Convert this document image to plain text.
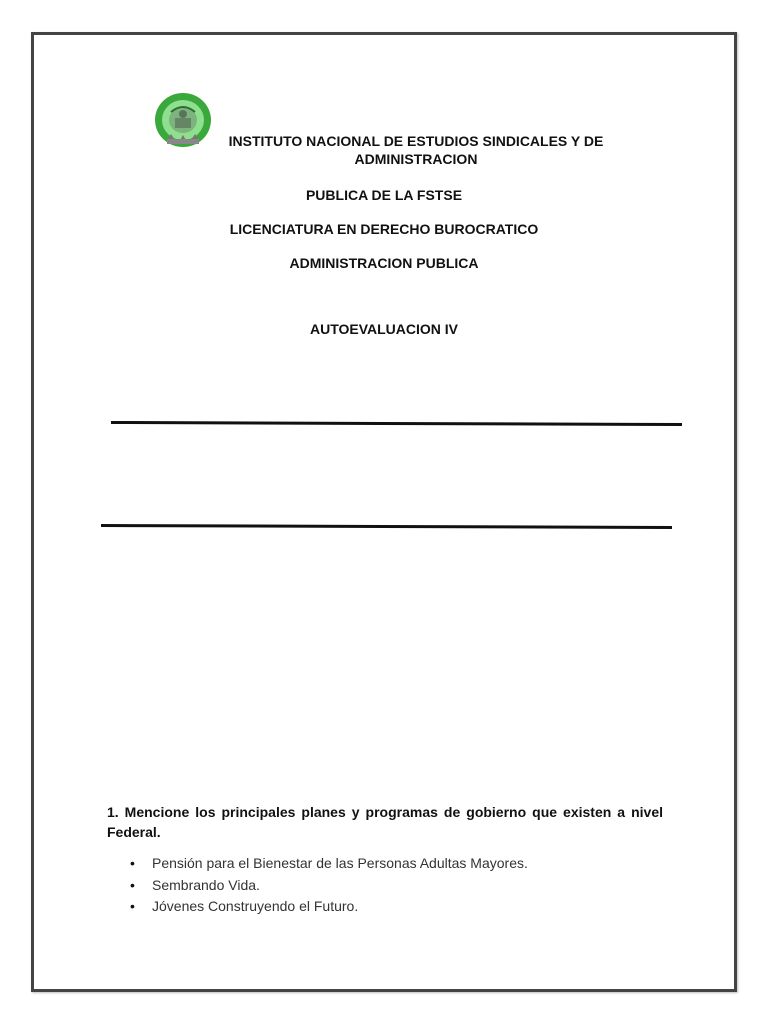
INSTITUTO NACIONAL DE ESTUDIOS SINDICALES Y DE
ADMINISTRACION
PUBLICA DE LA FSTSE
LICENCIATURA EN DERECHO BUROCRATICO
ADMINISTRACION PUBLICA
AUTOEVALUACION IV
1. Mencione los principales planes y programas de gobierno que existen a nivel Federal.
• Pensión para el Bienestar de las Personas Adultas Mayores.
• Sembrando Vida.
• Jóvenes Construyendo el Futuro.
